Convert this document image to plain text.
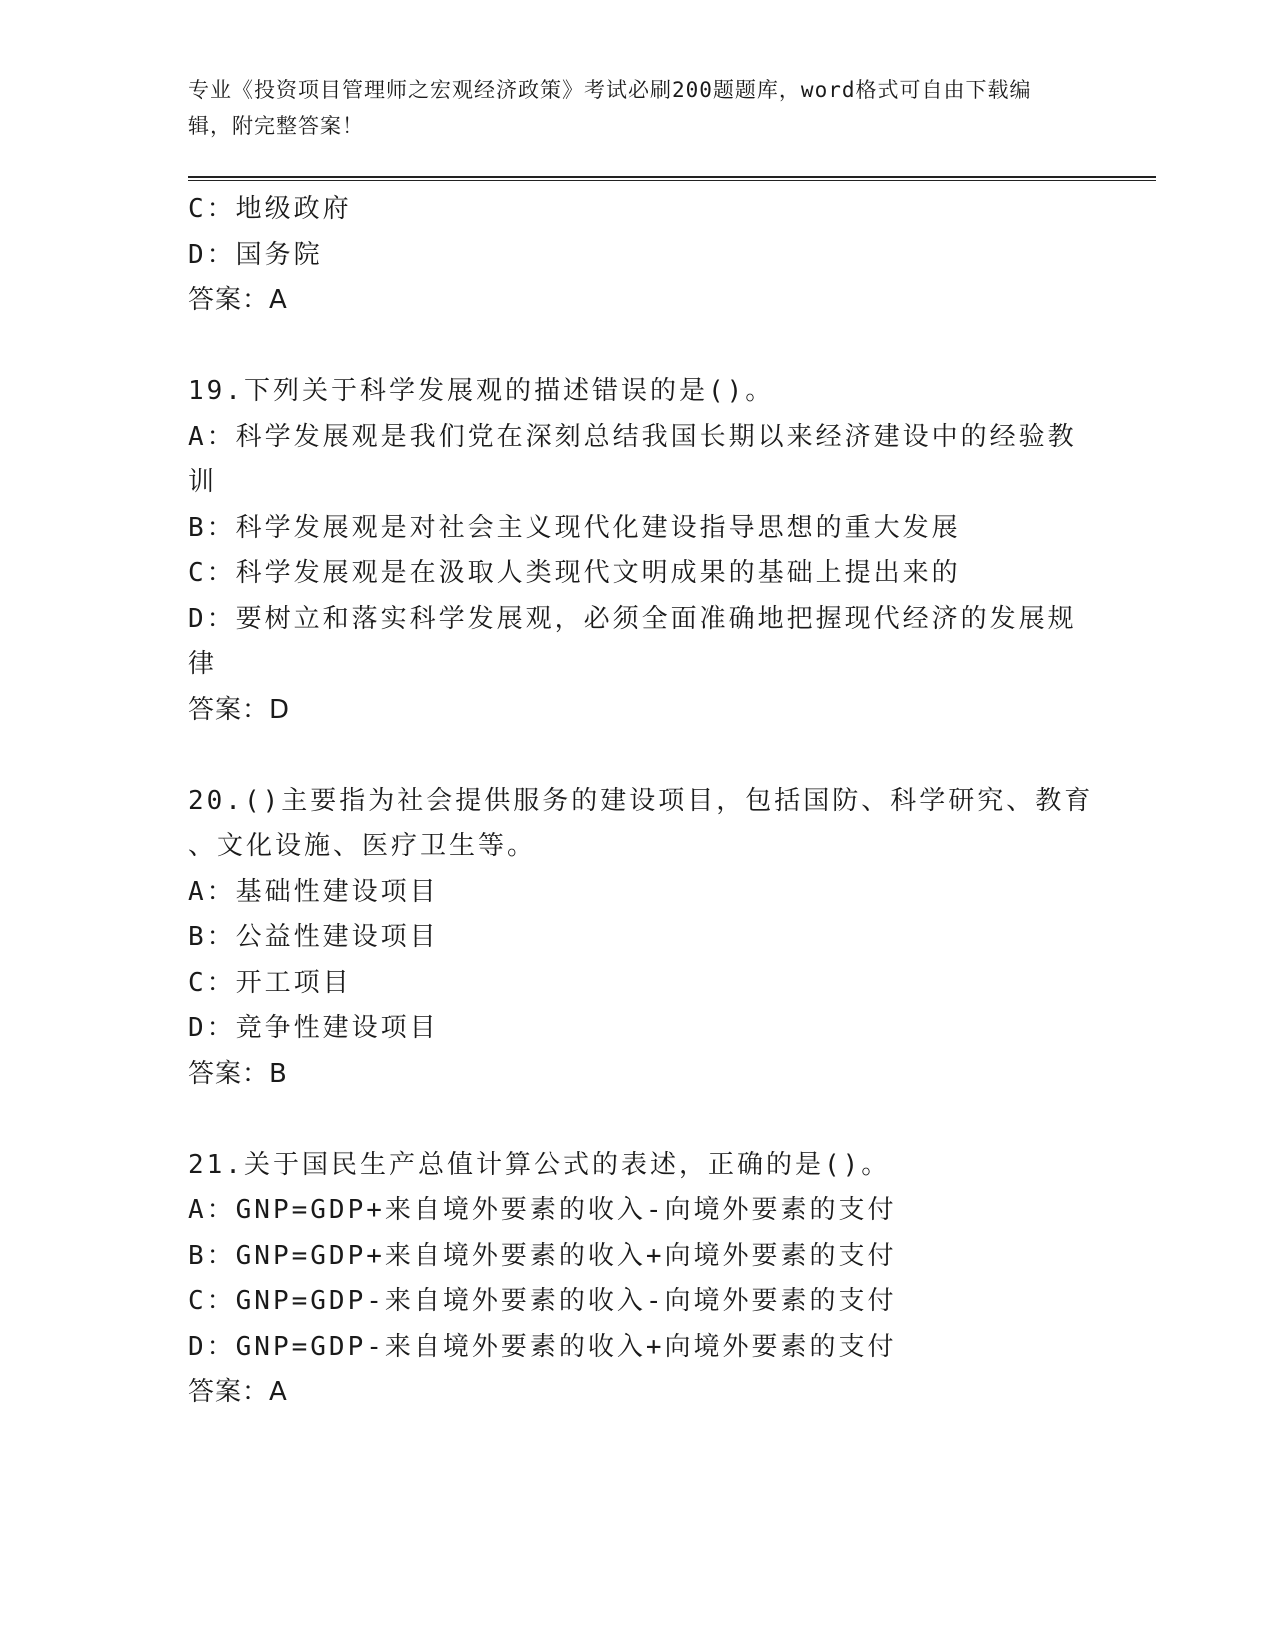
专业《投资项目管理师之宏观经济政策》考试必刷200题题库，word格式可自由下载编辑，附完整答案！
C：地级政府
D：国务院
答案：A
19.下列关于科学发展观的描述错误的是()。
A：科学发展观是我们党在深刻总结我国长期以来经济建设中的经验教
训
B：科学发展观是对社会主义现代化建设指导思想的重大发展
C：科学发展观是在汲取人类现代文明成果的基础上提出来的
D：要树立和落实科学发展观，必须全面准确地把握现代经济的发展规
律
答案：D
20.()主要指为社会提供服务的建设项目，包括国防、科学研究、教育
、文化设施、医疗卫生等。
A：基础性建设项目
B：公益性建设项目
C：开工项目
D：竞争性建设项目
答案：B
21.关于国民生产总值计算公式的表述，正确的是()。
A：GNP=GDP+来自境外要素的收入-向境外要素的支付
B：GNP=GDP+来自境外要素的收入+向境外要素的支付
C：GNP=GDP-来自境外要素的收入-向境外要素的支付
D：GNP=GDP-来自境外要素的收入+向境外要素的支付
答案：A
